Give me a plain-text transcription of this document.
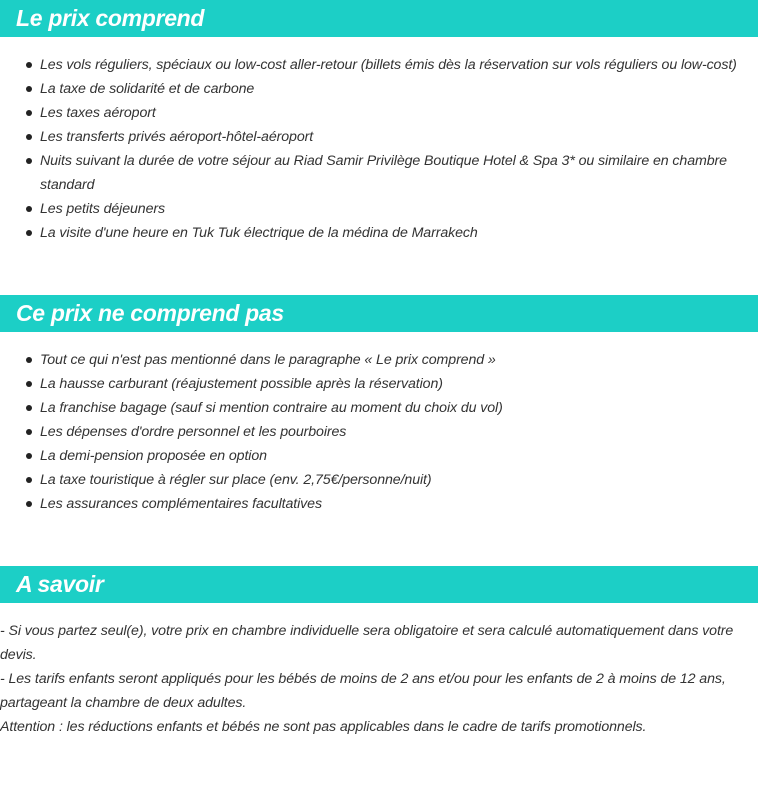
Le prix comprend
Les vols réguliers, spéciaux ou low-cost aller-retour (billets émis dès la réservation sur vols réguliers ou low-cost)
La taxe de solidarité et de carbone
Les taxes aéroport
Les transferts privés aéroport-hôtel-aéroport
Nuits suivant la durée de votre séjour au Riad Samir Privilège Boutique Hotel & Spa 3* ou similaire en chambre standard
Les petits déjeuners
La visite d'une heure en Tuk Tuk électrique de la médina de Marrakech
Ce prix ne comprend pas
Tout ce qui n'est pas mentionné dans le paragraphe « Le prix comprend »
La hausse carburant (réajustement possible après la réservation)
La franchise bagage (sauf si mention contraire au moment du choix du vol)
Les dépenses d'ordre personnel et les pourboires
La demi-pension proposée en option
La taxe touristique à régler sur place (env. 2,75€/personne/nuit)
Les assurances complémentaires facultatives
A savoir

- Si vous partez seul(e), votre prix en chambre individuelle sera obligatoire et sera calculé automatiquement dans votre devis.

- Les tarifs enfants seront appliqués pour les bébés de moins de 2 ans et/ou pour les enfants de 2 à moins de 12 ans, partageant la chambre de deux adultes.

Attention : les réductions enfants et bébés ne sont pas applicables dans le cadre de tarifs promotionnels.
